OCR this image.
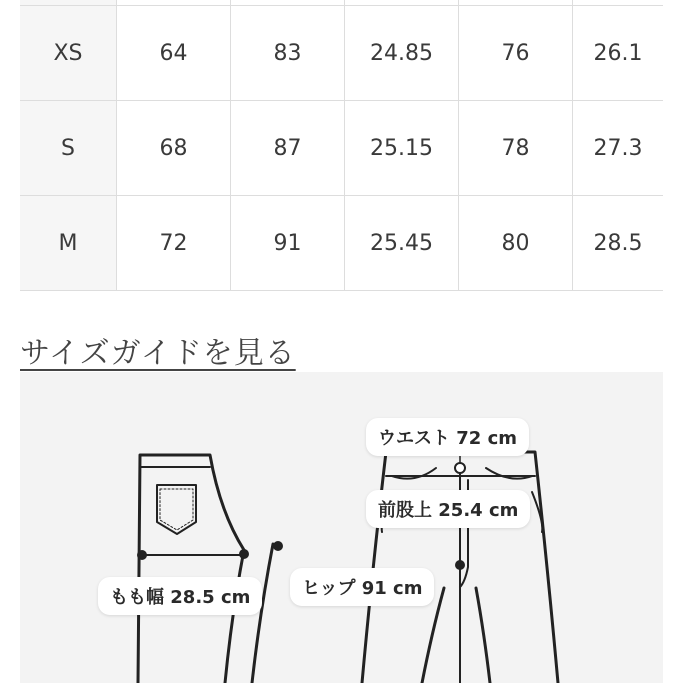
XS	64	83	24.85	76	26.1
S	68	87	25.15	78	27.3
M	72	91	25.45	80	28.5
サイズガイドを見る
ウエスト 72 cm
前股上 25.4 cm
ヒップ 91 cm
もも幅 28.5 cm
